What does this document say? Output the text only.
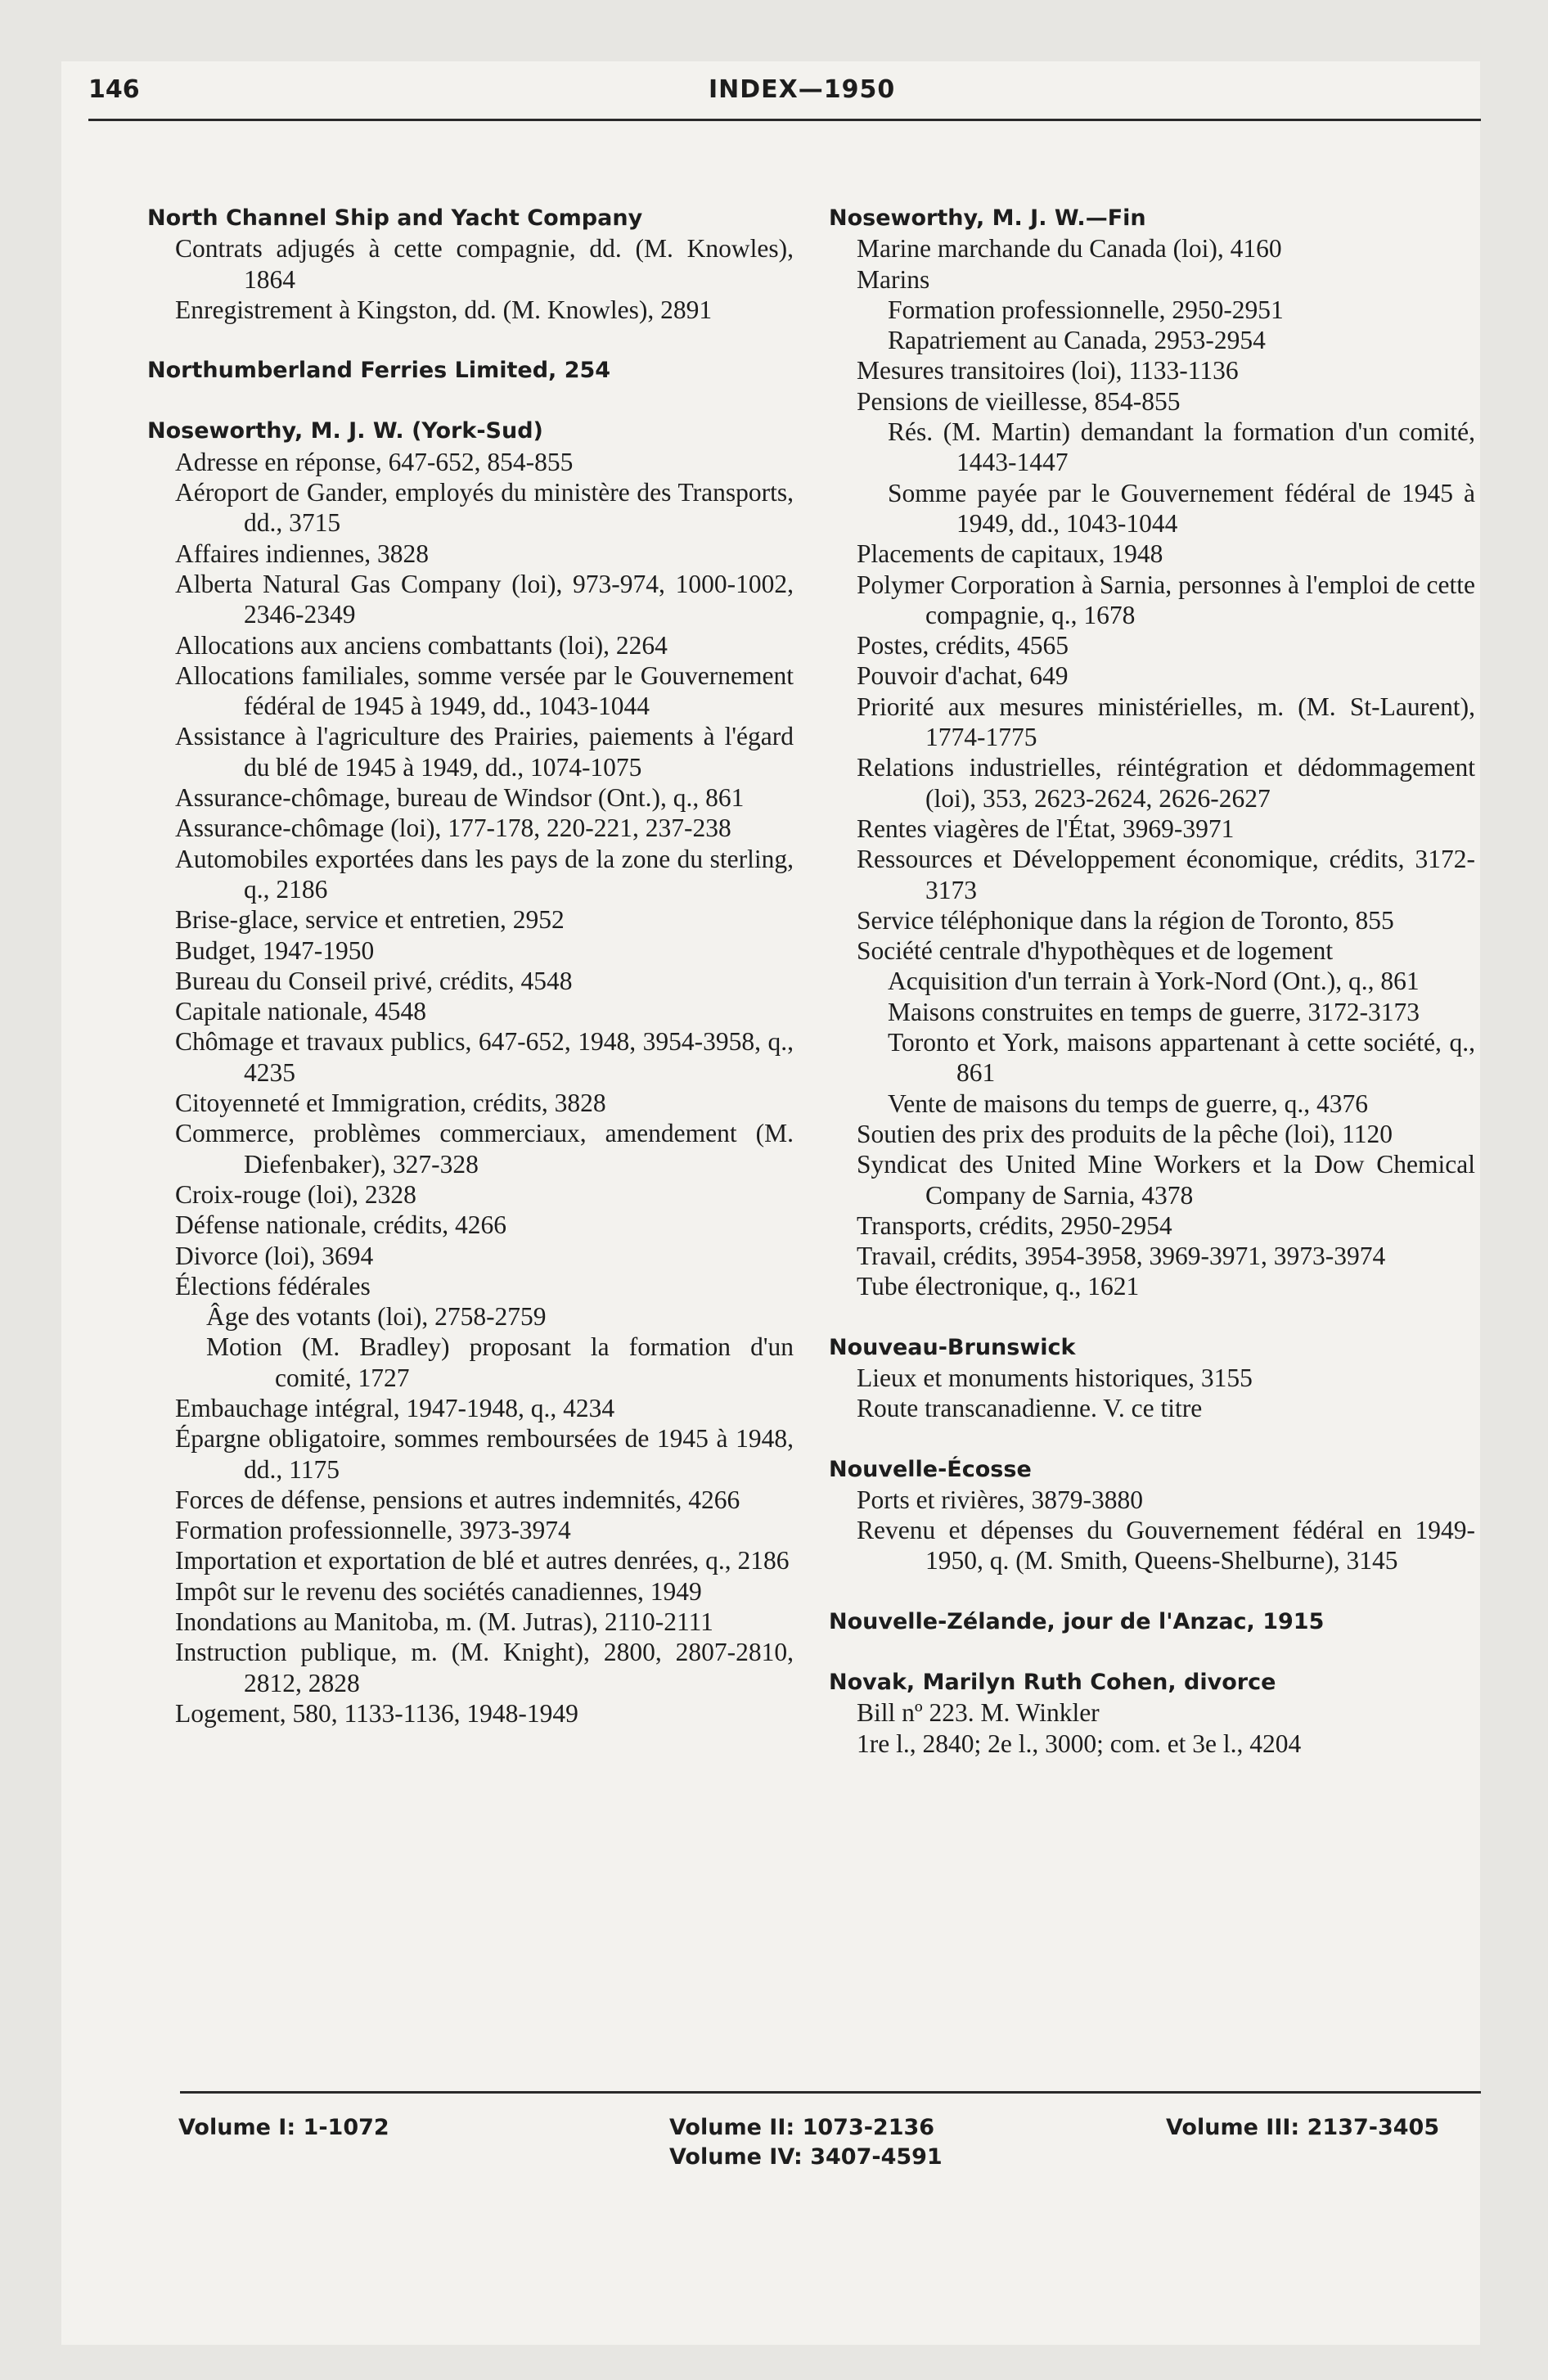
146	INDEX—1950
North Channel Ship and Yacht Company
Contrats adjugés à cette compagnie, dd. (M. Knowles), 1864
Enregistrement à Kingston, dd. (M. Knowles), 2891
Northumberland Ferries Limited, 254
Noseworthy, M. J. W. (York-Sud)
Adresse en réponse, 647-652, 854-855
Aéroport de Gander, employés du ministère des Transports, dd., 3715
Affaires indiennes, 3828
Alberta Natural Gas Company (loi), 973-974, 1000-1002, 2346-2349
Allocations aux anciens combattants (loi), 2264
Allocations familiales, somme versée par le Gouvernement fédéral de 1945 à 1949, dd., 1043-1044
Assistance à l'agriculture des Prairies, paiements à l'égard du blé de 1945 à 1949, dd., 1074-1075
Assurance-chômage, bureau de Windsor (Ont.), q., 861
Assurance-chômage (loi), 177-178, 220-221, 237-238
Automobiles exportées dans les pays de la zone du sterling, q., 2186
Brise-glace, service et entretien, 2952
Budget, 1947-1950
Bureau du Conseil privé, crédits, 4548
Capitale nationale, 4548
Chômage et travaux publics, 647-652, 1948, 3954-3958, q., 4235
Citoyenneté et Immigration, crédits, 3828
Commerce, problèmes commerciaux, amendement (M. Diefenbaker), 327-328
Croix-rouge (loi), 2328
Défense nationale, crédits, 4266
Divorce (loi), 3694
Élections fédérales
Âge des votants (loi), 2758-2759
Motion (M. Bradley) proposant la formation d'un comité, 1727
Embauchage intégral, 1947-1948, q., 4234
Épargne obligatoire, sommes remboursées de 1945 à 1948, dd., 1175
Forces de défense, pensions et autres indemnités, 4266
Formation professionnelle, 3973-3974
Importation et exportation de blé et autres denrées, q., 2186
Impôt sur le revenu des sociétés canadiennes, 1949
Inondations au Manitoba, m. (M. Jutras), 2110-2111
Instruction publique, m. (M. Knight), 2800, 2807-2810, 2812, 2828
Logement, 580, 1133-1136, 1948-1949
Noseworthy, M. J. W.—Fin
Marine marchande du Canada (loi), 4160
Marins
Formation professionnelle, 2950-2951
Rapatriement au Canada, 2953-2954
Mesures transitoires (loi), 1133-1136
Pensions de vieillesse, 854-855
Rés. (M. Martin) demandant la formation d'un comité, 1443-1447
Somme payée par le Gouvernement fédéral de 1945 à 1949, dd., 1043-1044
Placements de capitaux, 1948
Polymer Corporation à Sarnia, personnes à l'emploi de cette compagnie, q., 1678
Postes, crédits, 4565
Pouvoir d'achat, 649
Priorité aux mesures ministérielles, m. (M. St-Laurent), 1774-1775
Relations industrielles, réintégration et dédommagement (loi), 353, 2623-2624, 2626-2627
Rentes viagères de l'État, 3969-3971
Ressources et Développement économique, crédits, 3172-3173
Service téléphonique dans la région de Toronto, 855
Société centrale d'hypothèques et de logement
Acquisition d'un terrain à York-Nord (Ont.), q., 861
Maisons construites en temps de guerre, 3172-3173
Toronto et York, maisons appartenant à cette société, q., 861
Vente de maisons du temps de guerre, q., 4376
Soutien des prix des produits de la pêche (loi), 1120
Syndicat des United Mine Workers et la Dow Chemical Company de Sarnia, 4378
Transports, crédits, 2950-2954
Travail, crédits, 3954-3958, 3969-3971, 3973-3974
Tube électronique, q., 1621
Nouveau-Brunswick
Lieux et monuments historiques, 3155
Route transcanadienne. V. ce titre
Nouvelle-Écosse
Ports et rivières, 3879-3880
Revenu et dépenses du Gouvernement fédéral en 1949-1950, q. (M. Smith, Queens-Shelburne), 3145
Nouvelle-Zélande, jour de l'Anzac, 1915
Novak, Marilyn Ruth Cohen, divorce
Bill nº 223. M. Winkler
1re l., 2840; 2e l., 3000; com. et 3e l., 4204
Volume I: 1-1072	Volume II: 1073-2136
Volume IV: 3407-4591
Volume III: 2137-3405
